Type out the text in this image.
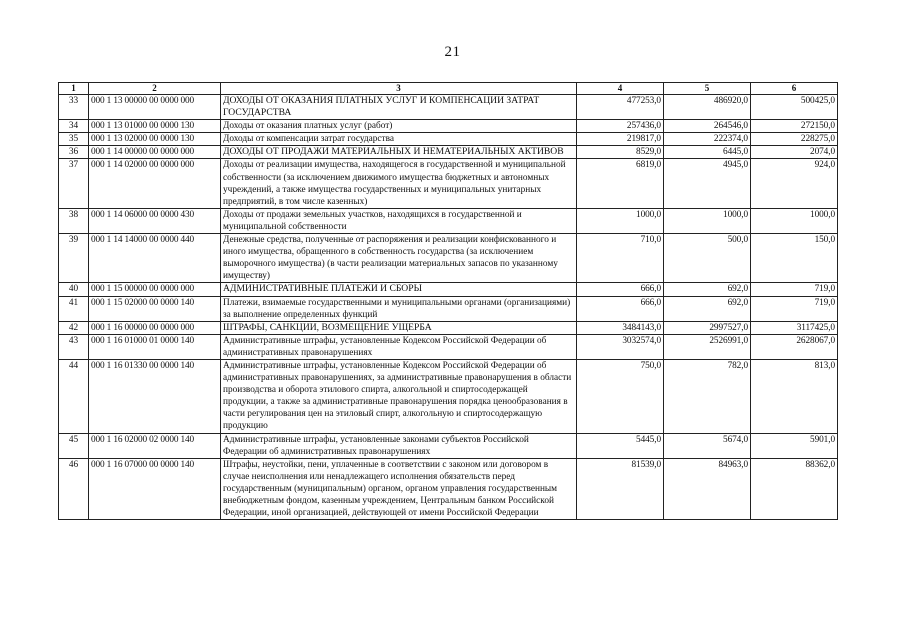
21
1	2	3	4	5	6
33	000 1 13 00000 00 0000 000	ДОХОДЫ ОТ ОКАЗАНИЯ ПЛАТНЫХ УСЛУГ И КОМПЕНСАЦИИ ЗАТРАТ ГОСУДАРСТВА	477253,0	486920,0	500425,0
34	000 1 13 01000 00 0000 130	Доходы от оказания платных услуг (работ)	257436,0	264546,0	272150,0
35	000 1 13 02000 00 0000 130	Доходы от компенсации затрат государства	219817,0	222374,0	228275,0
36	000 1 14 00000 00 0000 000	ДОХОДЫ ОТ ПРОДАЖИ МАТЕРИАЛЬНЫХ И НЕМАТЕРИАЛЬНЫХ АКТИВОВ	8529,0	6445,0	2074,0
37	000 1 14 02000 00 0000 000	Доходы от реализации имущества, находящегося в государственной и муниципальной собственности (за исключением движимого имущества бюджетных и автономных учреждений, а также имущества государственных и муниципальных унитарных предприятий, в том числе казенных)	6819,0	4945,0	924,0
38	000 1 14 06000 00 0000 430	Доходы от продажи земельных участков, находящихся в государственной и муниципальной собственности	1000,0	1000,0	1000,0
39	000 1 14 14000 00 0000 440	Денежные средства, полученные от распоряжения и реализации конфискованного и иного имущества, обращенного в собственность государства (за исключением выморочного имущества) (в части реализации материальных запасов по указанному имуществу)	710,0	500,0	150,0
40	000 1 15 00000 00 0000 000	АДМИНИСТРАТИВНЫЕ ПЛАТЕЖИ И СБОРЫ	666,0	692,0	719,0
41	000 1 15 02000 00 0000 140	Платежи, взимаемые государственными и муниципальными органами (организациями) за выполнение определенных функций	666,0	692,0	719,0
42	000 1 16 00000 00 0000 000	ШТРАФЫ, САНКЦИИ, ВОЗМЕЩЕНИЕ УЩЕРБА	3484143,0	2997527,0	3117425,0
43	000 1 16 01000 01 0000 140	Административные штрафы, установленные Кодексом Российской Федерации об административных правонарушениях	3032574,0	2526991,0	2628067,0
44	000 1 16 01330 00 0000 140	Административные штрафы, установленные Кодексом Российской Федерации об административных правонарушениях, за административные правонарушения в области производства и оборота этилового спирта, алкогольной и спиртосодержащей продукции, а также за административные правонарушения порядка ценообразования в части регулирования цен на этиловый спирт, алкогольную и спиртосодержащую продукцию	750,0	782,0	813,0
45	000 1 16 02000 02 0000 140	Административные штрафы, установленные законами субъектов Российской Федерации об административных правонарушениях	5445,0	5674,0	5901,0
46	000 1 16 07000 00 0000 140	Штрафы, неустойки, пени, уплаченные в соответствии с законом или договором в случае неисполнения или ненадлежащего исполнения обязательств перед государственным (муниципальным) органом, органом управления государственным внебюджетным фондом, казенным учреждением, Центральным банком Российской Федерации, иной организацией, действующей от имени Российской Федерации	81539,0	84963,0	88362,0
